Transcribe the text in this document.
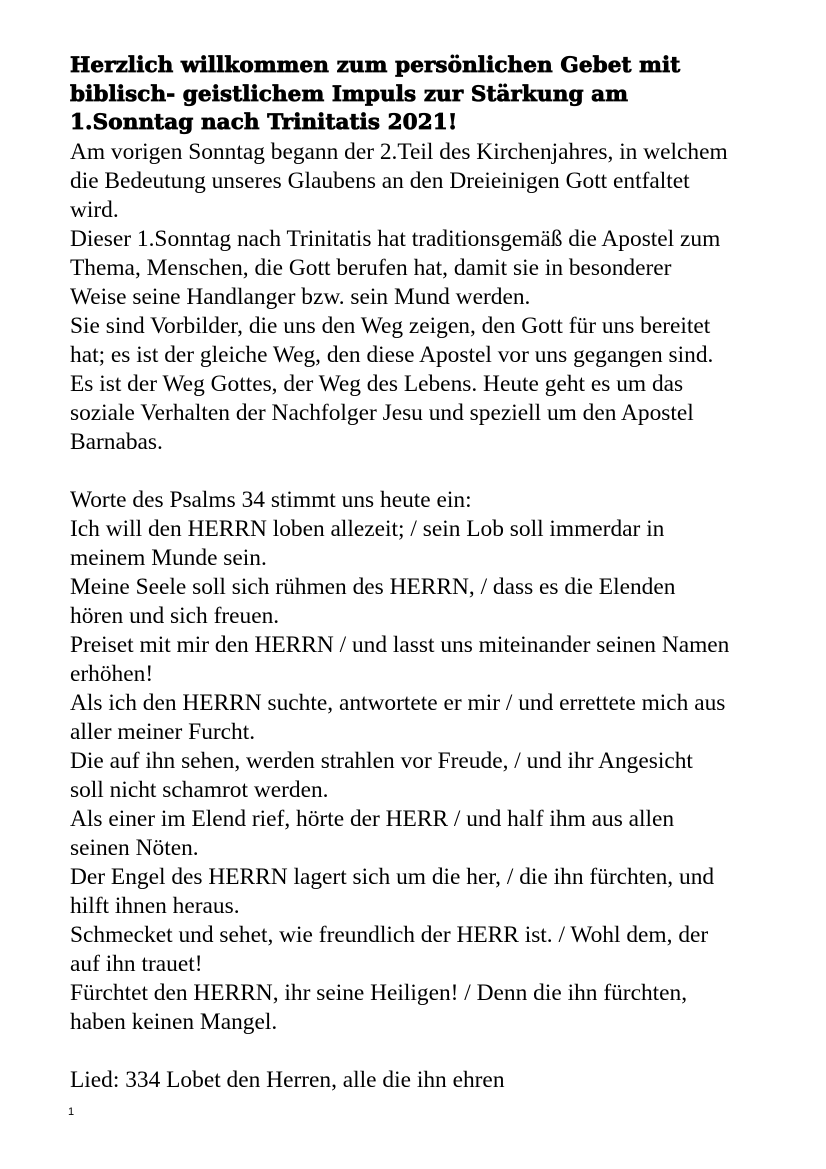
Herzlich willkommen zum persönlichen Gebet mit
biblisch- geistlichem Impuls zur Stärkung am
1.Sonntag nach Trinitatis 2021!

Am vorigen Sonntag begann der 2.Teil des Kirchenjahres, in welchem
die Bedeutung unseres Glaubens an den Dreieinigen Gott entfaltet
wird.
Dieser 1.Sonntag nach Trinitatis hat traditionsgemäß die Apostel zum
Thema, Menschen, die Gott berufen hat, damit sie in besonderer
Weise seine Handlanger bzw. sein Mund werden.
Sie sind Vorbilder, die uns den Weg zeigen, den Gott für uns bereitet
hat; es ist der gleiche Weg, den diese Apostel vor uns gegangen sind.
Es ist der Weg Gottes, der Weg des Lebens. Heute geht es um das
soziale Verhalten der Nachfolger Jesu und speziell um den Apostel
Barnabas.

Worte des Psalms 34 stimmt uns heute ein:
Ich will den HERRN loben allezeit; / sein Lob soll immerdar in
meinem Munde sein.
Meine Seele soll sich rühmen des HERRN, / dass es die Elenden
hören und sich freuen.
Preiset mit mir den HERRN / und lasst uns miteinander seinen Namen
erhöhen!
Als ich den HERRN suchte, antwortete er mir / und errettete mich aus
aller meiner Furcht.
Die auf ihn sehen, werden strahlen vor Freude, / und ihr Angesicht
soll nicht schamrot werden.
Als einer im Elend rief, hörte der HERR / und half ihm aus allen
seinen Nöten.
Der Engel des HERRN lagert sich um die her, / die ihn fürchten, und
hilft ihnen heraus.
Schmecket und sehet, wie freundlich der HERR ist. / Wohl dem, der
auf ihn trauet!
Fürchtet den HERRN, ihr seine Heiligen! / Denn die ihn fürchten,
haben keinen Mangel.

Lied: 334 Lobet den Herren, alle die ihn ehren

1
